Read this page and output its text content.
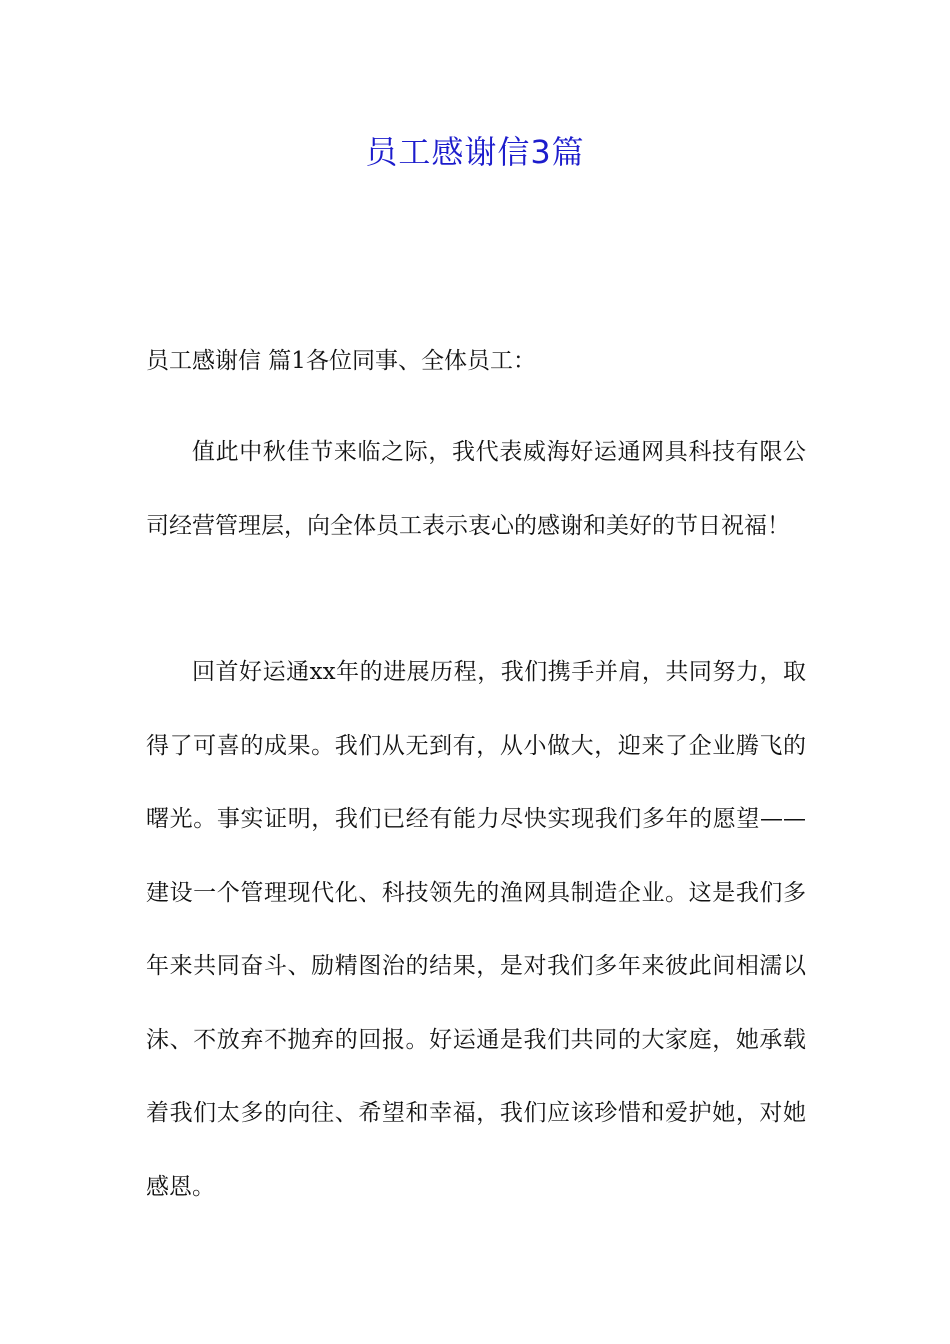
员工感谢信3篇
员工感谢信 篇1各位同事、全体员工：
值此中秋佳节来临之际，我代表威海好运通网具科技有限公司经营管理层，向全体员工表示衷心的感谢和美好的节日祝福！
回首好运通xx年的进展历程，我们携手并肩，共同努力，取得了可喜的成果。我们从无到有，从小做大，迎来了企业腾飞的曙光。事实证明，我们已经有能力尽快实现我们多年的愿望——建设一个管理现代化、科技领先的渔网具制造企业。这是我们多年来共同奋斗、励精图治的结果，是对我们多年来彼此间相濡以沫、不放弃不抛弃的回报。好运通是我们共同的大家庭，她承载着我们太多的向往、希望和幸福，我们应该珍惜和爱护她，对她感恩。
